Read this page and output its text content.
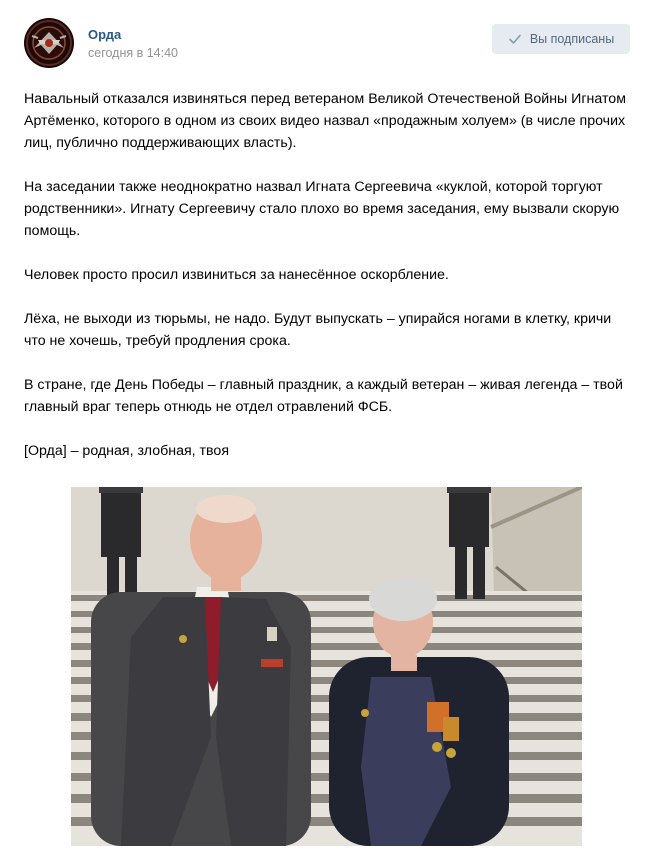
Орда
сегодня в 14:40
Вы подписаны

Навальный отказался извиняться перед ветераном Великой Отечественой Войны Игнатом Артёменко, которого в одном из своих видео назвал «продажным холуем» (в числе прочих лиц, публично поддерживающих власть).

На заседании также неоднократно назвал Игната Сергеевича «куклой, которой торгуют родственники». Игнату Сергеевичу стало плохо во время заседания, ему вызвали скорую помощь.

Человек просто просил извиниться за нанесённое оскорбление.

Лёха, не выходи из тюрьмы, не надо. Будут выпускать – упирайся ногами в клетку, кричи что не хочешь, требуй продления срока.

В стране, где День Победы – главный праздник, а каждый ветеран – живая легенда – твой главный враг теперь отнюдь не отдел отравлений ФСБ.

[Орда] – родная, злобная, твоя
